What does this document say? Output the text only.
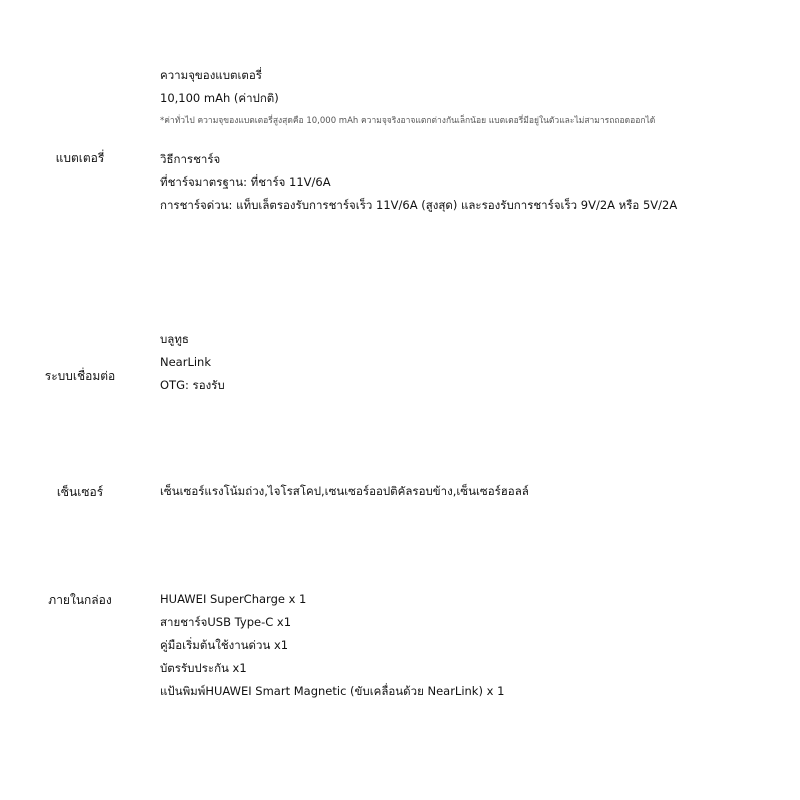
แบตเตอรี่
ความจุของแบตเตอรี่
10,100 mAh (ค่าปกติ)
*ค่าทั่วไป ความจุของแบตเตอรี่สูงสุดคือ 10,000 mAh ความจุจริงอาจแตกต่างกันเล็กน้อย แบตเตอรี่มีอยู่ในตัวและไม่สามารถถอดออกได้
วิธีการชาร์จ
ที่ชาร์จมาตรฐาน: ที่ชาร์จ 11V/6A
การชาร์จด่วน: แท็บเล็ตรองรับการชาร์จเร็ว 11V/6A (สูงสุด) และรองรับการชาร์จเร็ว 9V/2A หรือ 5V/2A
ระบบเชื่อมต่อ
บลูทูธ
NearLink
OTG: รองรับ
เซ็นเซอร์	เซ็นเซอร์แรงโน้มถ่วง,ไจโรสโคป,เซนเซอร์ออปติคัลรอบข้าง,เซ็นเซอร์ฮอลล์
ภายในกล่อง	HUAWEI SuperCharge x 1
สายชาร์จUSB Type-C x1
คู่มือเริ่มต้นใช้งานด่วน x1
บัตรรับประกัน x1
แป้นพิมพ์HUAWEI Smart Magnetic (ขับเคลื่อนด้วย NearLink) x 1
